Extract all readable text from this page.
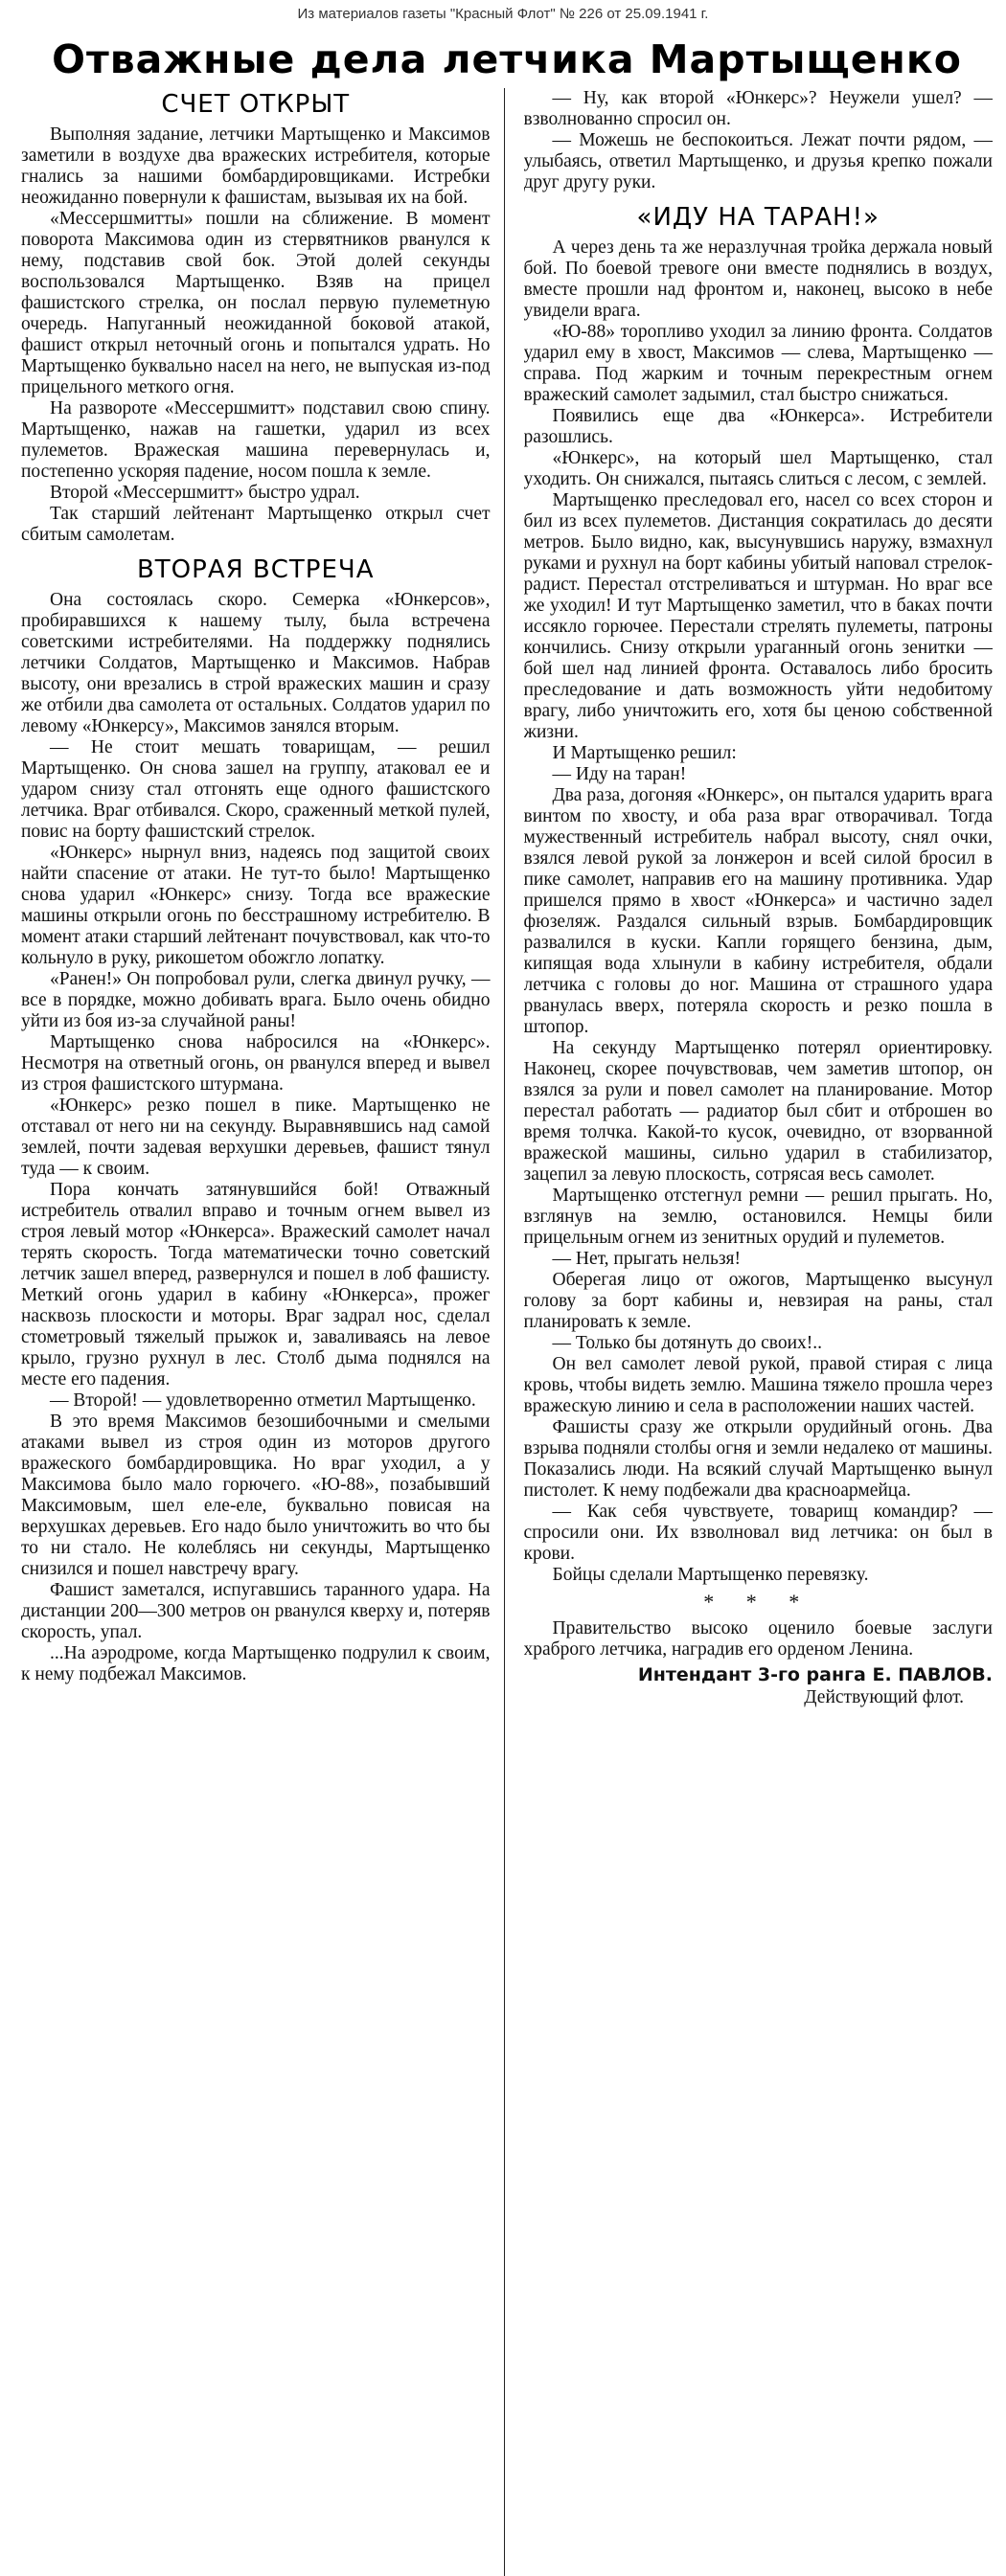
Из материалов газеты "Красный Флот" № 226 от 25.09.1941 г.
Отважные дела летчика Мартыщенко
СЧЕТ ОТКРЫТ

Выполняя задание, летчики Мартыщенко и Максимов заметили в воздухе два вражеских истребителя, которые гнались за нашими бомбардировщиками. Истребки неожиданно повернули к фашистам, вызывая их на бой.

«Мессершмитты» пошли на сближение. В момент поворота Максимова один из стервятников рванулся к нему, подставив свой бок. Этой долей секунды воспользовался Мартыщенко. Взяв на прицел фашистского стрелка, он послал первую пулеметную очередь. Напуганный неожиданной боковой атакой, фашист открыл неточный огонь и попытался удрать. Но Мартыщенко буквально насел на него, не выпуская из-под прицельного меткого огня.

На развороте «Мессершмитт» подставил свою спину. Мартыщенко, нажав на гашетки, ударил из всех пулеметов. Вражеская машина перевернулась и, постепенно ускоряя падение, носом пошла к земле.

Второй «Мессершмитт» быстро удрал.

Так старший лейтенант Мартыщенко открыл счет сбитым самолетам.

ВТОРАЯ ВСТРЕЧА

Она состоялась скоро. Семерка «Юнкерсов», пробиравшихся к нашему тылу, была встречена советскими истребителями. На поддержку поднялись летчики Солдатов, Мартыщенко и Максимов. Набрав высоту, они врезались в строй вражеских машин и сразу же отбили два самолета от остальных. Солдатов ударил по левому «Юнкерсу», Максимов занялся вторым.

— Не стоит мешать товарищам, — решил Мартыщенко. Он снова зашел на группу, атаковал ее и ударом снизу стал отгонять еще одного фашистского летчика. Враг отбивался. Скоро, сраженный меткой пулей, повис на борту фашистский стрелок.

«Юнкерс» нырнул вниз, надеясь под защитой своих найти спасение от атаки. Не тут-то было! Мартыщенко снова ударил «Юнкерс» снизу. Тогда все вражеские машины открыли огонь по бесстрашному истребителю. В момент атаки старший лейтенант почувствовал, как что-то кольнуло в руку, рикошетом обожгло лопатку.

«Ранен!» Он попробовал рули, слегка двинул ручку, — все в порядке, можно добивать врага. Было очень обидно уйти из боя из-за случайной раны!

Мартыщенко снова набросился на «Юнкерс». Несмотря на ответный огонь, он рванулся вперед и вывел из строя фашистского штурмана.

«Юнкерс» резко пошел в пике. Мартыщенко не отставал от него ни на секунду. Выравнявшись над самой землей, почти задевая верхушки деревьев, фашист тянул туда — к своим.

Пора кончать затянувшийся бой! Отважный истребитель отвалил вправо и точным огнем вывел из строя левый мотор «Юнкерса». Вражеский самолет начал терять скорость. Тогда математически точно советский летчик зашел вперед, развернулся и пошел в лоб фашисту. Меткий огонь ударил в кабину «Юнкерса», прожег насквозь плоскости и моторы. Враг задрал нос, сделал стометровый тяжелый прыжок и, заваливаясь на левое крыло, грузно рухнул в лес. Столб дыма поднялся на месте его падения.

— Второй! — удовлетворенно отметил Мартыщенко.

В это время Максимов безошибочными и смелыми атаками вывел из строя один из моторов другого вражеского бомбардировщика. Но враг уходил, а у Максимова было мало горючего. «Ю-88», позабывший Максимовым, шел еле-еле, буквально повисая на верхушках деревьев. Его надо было уничтожить во что бы то ни стало. Не колеблясь ни секунды, Мартыщенко снизился и пошел навстречу врагу.

Фашист заметался, испугавшись таранного удара. На дистанции 200—300 метров он рванулся кверху и, потеряв скорость, упал.

...На аэродроме, когда Мартыщенко подрулил к своим, к нему подбежал Максимов.

— Ну, как второй «Юнкерс»? Неужели ушел? — взволнованно спросил он.

— Можешь не беспокоиться. Лежат почти рядом, — улыбаясь, ответил Мартыщенко, и друзья крепко пожали друг другу руки.

«ИДУ НА ТАРАН!»

А через день та же неразлучная тройка держала новый бой. По боевой тревоге они вместе поднялись в воздух, вместе прошли над фронтом и, наконец, высоко в небе увидели врага.

«Ю-88» торопливо уходил за линию фронта. Солдатов ударил ему в хвост, Максимов — слева, Мартыщенко — справа. Под жарким и точным перекрестным огнем вражеский самолет задымил, стал быстро снижаться.

Появились еще два «Юнкерса». Истребители разошлись.

«Юнкерс», на который шел Мартыщенко, стал уходить. Он снижался, пытаясь слиться с лесом, с землей.

Мартыщенко преследовал его, насел со всех сторон и бил из всех пулеметов. Дистанция сократилась до десяти метров. Было видно, как, высунувшись наружу, взмахнул руками и рухнул на борт кабины убитый наповал стрелок-радист. Перестал отстреливаться и штурман. Но враг все же уходил! И тут Мартыщенко заметил, что в баках почти иссякло горючее. Перестали стрелять пулеметы, патроны кончились. Снизу открыли ураганный огонь зенитки — бой шел над линией фронта. Оставалось либо бросить преследование и дать возможность уйти недобитому врагу, либо уничтожить его, хотя бы ценою собственной жизни.

И Мартыщенко решил:

— Иду на таран!

Два раза, догоняя «Юнкерс», он пытался ударить врага винтом по хвосту, и оба раза враг отворачивал. Тогда мужественный истребитель набрал высоту, снял очки, взялся левой рукой за лонжерон и всей силой бросил в пике самолет, направив его на машину противника. Удар пришелся прямо в хвост «Юнкерса» и частично задел фюзеляж. Раздался сильный взрыв. Бомбардировщик развалился в куски. Капли горящего бензина, дым, кипящая вода хлынули в кабину истребителя, обдали летчика с головы до ног. Машина от страшного удара рванулась вверх, потеряла скорость и резко пошла в штопор.

На секунду Мартыщенко потерял ориентировку. Наконец, скорее почувствовав, чем заметив штопор, он взялся за рули и повел самолет на планирование. Мотор перестал работать — радиатор был сбит и отброшен во время толчка. Какой-то кусок, очевидно, от взорванной вражеской машины, сильно ударил в стабилизатор, зацепил за левую плоскость, сотрясая весь самолет.

Мартыщенко отстегнул ремни — решил прыгать. Но, взглянув на землю, остановился. Немцы били прицельным огнем из зенитных орудий и пулеметов.

— Нет, прыгать нельзя!

Оберегая лицо от ожогов, Мартыщенко высунул голову за борт кабины и, невзирая на раны, стал планировать к земле.

— Только бы дотянуть до своих!..

Он вел самолет левой рукой, правой стирая с лица кровь, чтобы видеть землю. Машина тяжело прошла через вражескую линию и села в расположении наших частей.

Фашисты сразу же открыли орудийный огонь. Два взрыва подняли столбы огня и земли недалеко от машины. Показались люди. На всякий случай Мартыщенко вынул пистолет. К нему подбежали два красноармейца.

— Как себя чувствуете, товарищ командир? — спросили они. Их взволновал вид летчика: он был в крови.

Бойцы сделали Мартыщенко перевязку.

* * *

Правительство высоко оценило боевые заслуги храброго летчика, наградив его орденом Ленина.

Интендант 3-го ранга Е. ПАВЛОВ.
Действующий флот.
